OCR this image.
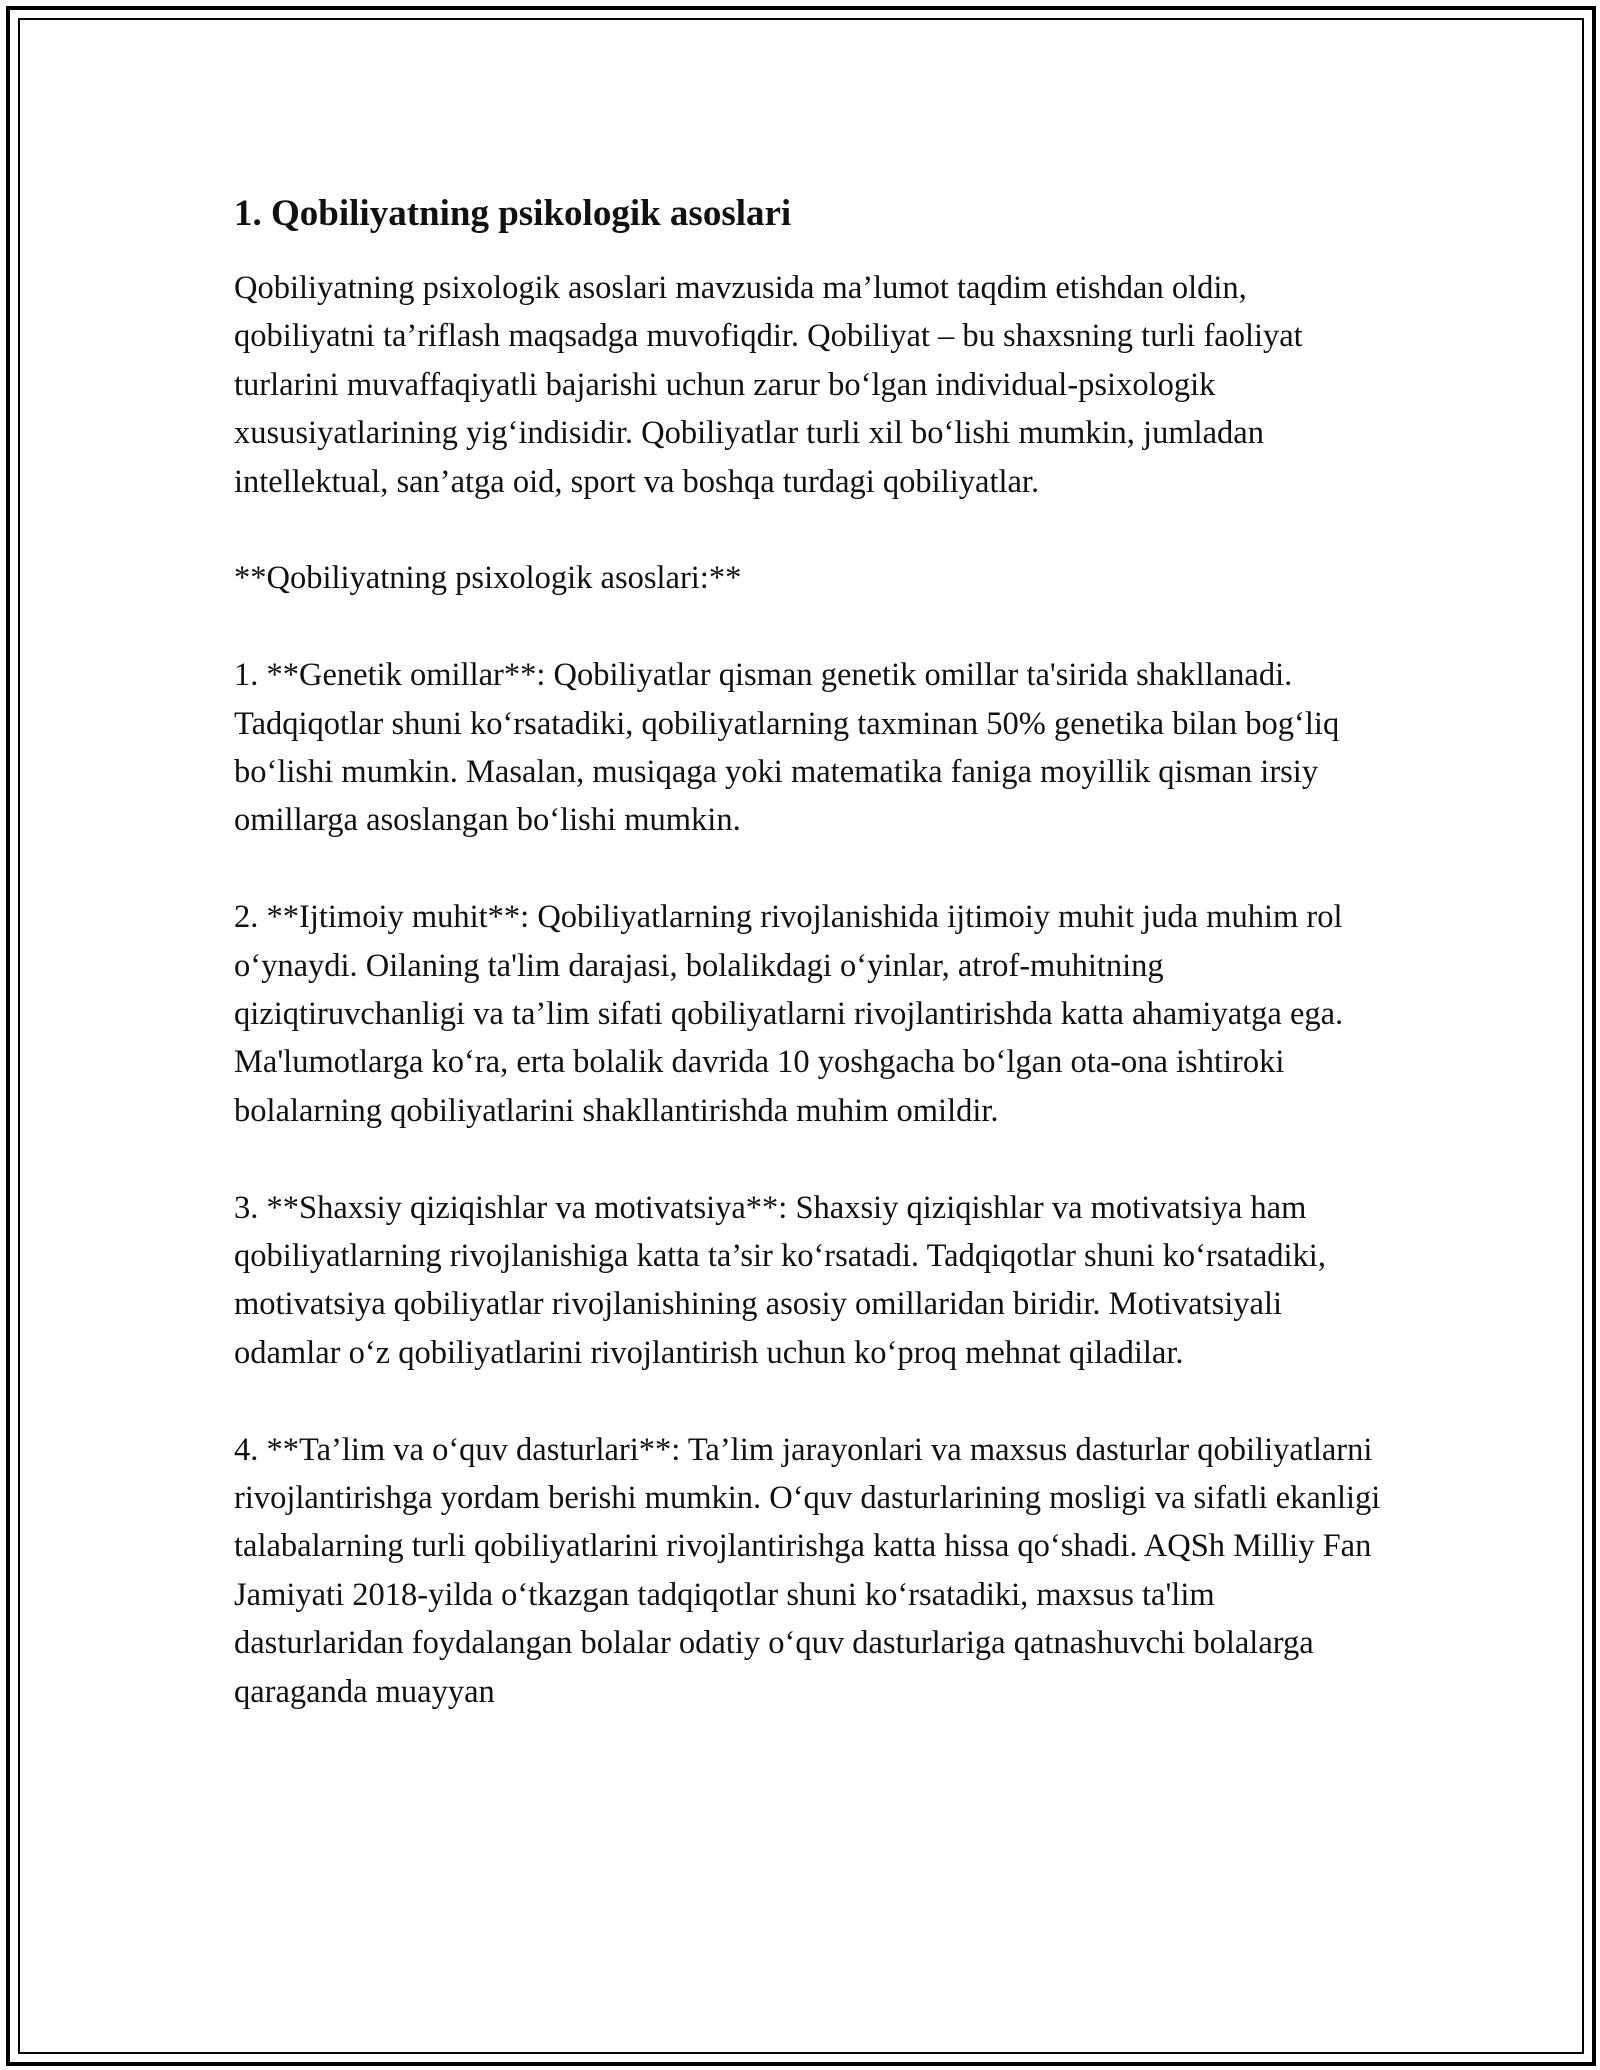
1. Qobiliyatning psikologik asoslari

Qobiliyatning psixologik asoslari mavzusida ma’lumot taqdim etishdan oldin, qobiliyatni ta’riflash maqsadga muvofiqdir. Qobiliyat – bu shaxsning turli faoliyat turlarini muvaffaqiyatli bajarishi uchun zarur bo‘lgan individual-psixologik xususiyatlarining yig‘indisidir. Qobiliyatlar turli xil bo‘lishi mumkin, jumladan intellektual, san’atga oid, sport va boshqa turdagi qobiliyatlar.

**Qobiliyatning psixologik asoslari:**

1. **Genetik omillar**: Qobiliyatlar qisman genetik omillar ta'sirida shakllanadi. Tadqiqotlar shuni ko‘rsatadiki, qobiliyatlarning taxminan 50% genetika bilan bog‘liq bo‘lishi mumkin. Masalan, musiqaga yoki matematika faniga moyillik qisman irsiy omillarga asoslangan bo‘lishi mumkin.

2. **Ijtimoiy muhit**: Qobiliyatlarning rivojlanishida ijtimoiy muhit juda muhim rol o‘ynaydi. Oilaning ta'lim darajasi, bolalikdagi o‘yinlar, atrof-muhitning qiziqtiruvchanligi va ta’lim sifati qobiliyatlarni rivojlantirishda katta ahamiyatga ega. Ma'lumotlarga ko‘ra, erta bolalik davrida 10 yoshgacha bo‘lgan ota-ona ishtiroki bolalarning qobiliyatlarini shakllantirishda muhim omildir.

3. **Shaxsiy qiziqishlar va motivatsiya**: Shaxsiy qiziqishlar va motivatsiya ham qobiliyatlarning rivojlanishiga katta ta’sir ko‘rsatadi. Tadqiqotlar shuni ko‘rsatadiki, motivatsiya qobiliyatlar rivojlanishining asosiy omillaridan biridir. Motivatsiyali odamlar o‘z qobiliyatlarini rivojlantirish uchun ko‘proq mehnat qiladilar.

4. **Ta’lim va o‘quv dasturlari**: Ta’lim jarayonlari va maxsus dasturlar qobiliyatlarni rivojlantirishga yordam berishi mumkin. O‘quv dasturlarining mosligi va sifatli ekanligi talabalarning turli qobiliyatlarini rivojlantirishga katta hissa qo‘shadi. AQSh Milliy Fan Jamiyati 2018-yilda o‘tkazgan tadqiqotlar shuni ko‘rsatadiki, maxsus ta'lim dasturlaridan foydalangan bolalar odatiy o‘quv dasturlariga qatnashuvchi bolalarga qaraganda muayyan
